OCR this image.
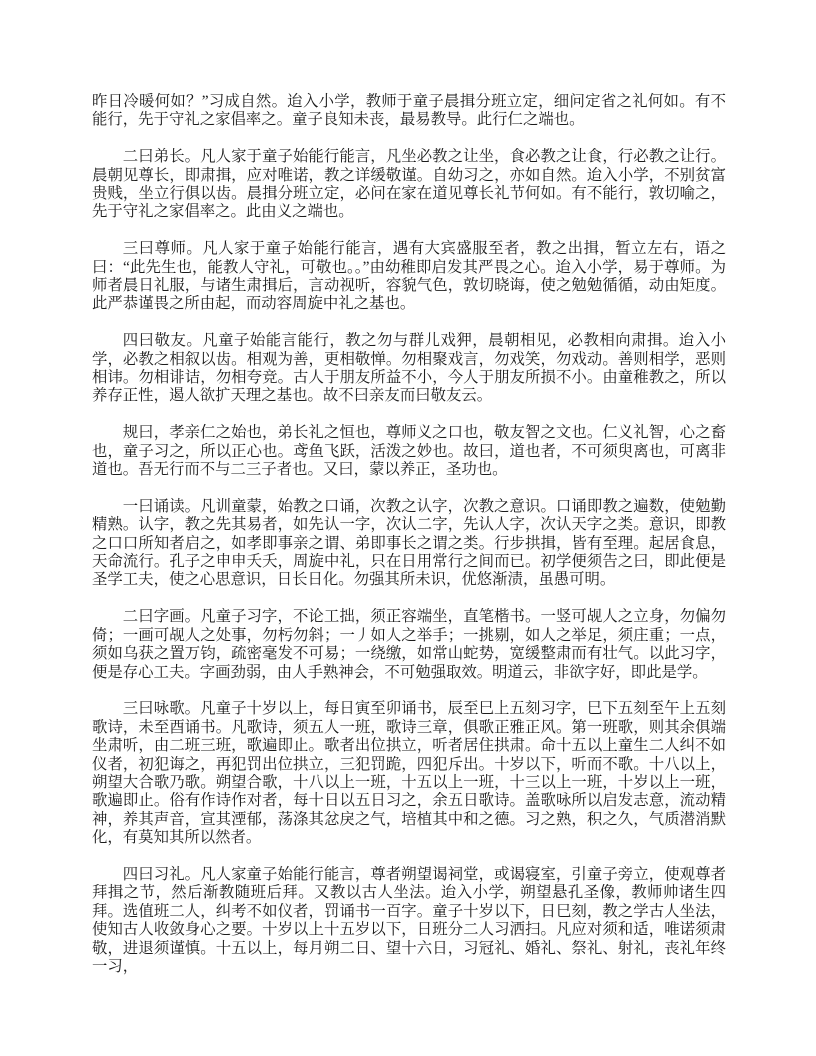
昨日冷暖何如？”习成自然。迨入小学，教师于童子晨揖分班立定，细问定省之礼何如。有不能行，先于守礼之家倡率之。童子良知未丧，最易教导。此行仁之端也。

二曰弟长。凡人家于童子始能行能言，凡坐必教之让坐，食必教之让食，行必教之让行。晨朝见尊长，即肃揖，应对唯诺，教之详缓敬谨。自幼习之，亦如自然。迨入小学，不别贫富贵贱，坐立行俱以齿。晨揖分班立定，必问在家在道见尊长礼节何如。有不能行，敦切喻之，先于守礼之家倡率之。此由义之端也。

三曰尊师。凡人家于童子始能行能言，遇有大宾盛服至者，教之出揖，暂立左右，语之曰：“此先生也，能教人守礼，可敬也。。”由幼稚即启发其严畏之心。迨入小学，易于尊师。为师者晨日礼服，与诸生肃揖后，言动视听，容貌气色，敦切晓诲，使之勉勉循循，动由矩度。此严恭谨畏之所由起，而动容周旋中礼之基也。

四曰敬友。凡童子始能言能行，教之勿与群儿戏狎，晨朝相见，必教相向肃揖。迨入小学，必教之相叙以齿。相观为善，更相敬惮。勿相聚戏言，勿戏笑，勿戏动。善则相学，恶则相讳。勿相诽诘，勿相夸竞。古人于朋友所益不小，今人于朋友所损不小。由童稚教之，所以养存正性，遏人欲扩天理之基也。故不曰亲友而曰敬友云。

规曰，孝亲仁之始也，弟长礼之恒也，尊师义之口也，敬友智之文也。仁义礼智，心之畜也，童子习之，所以正心也。鸢鱼飞跃，活泼之妙也。故曰，道也者，不可须臾离也，可离非道也。吾无行而不与二三子者也。又曰，蒙以养正，圣功也。

一曰诵读。凡训童蒙，始教之口诵，次教之认字，次教之意识。口诵即教之遍数，使勉勤精熟。认字，教之先其易者，如先认一字，次认二字，先认人字，次认天字之类。意识，即教之口口所知者启之，如孝即事亲之谓、弟即事长之谓之类。行步拱揖，皆有至理。起居食息，天命流行。孔子之申申夭夭，周旋中礼，只在日用常行之间而已。初学便须告之曰，即此便是圣学工夫，使之心思意识，日长日化。勿强其所未识，优悠渐渍，虽愚可明。

二曰字画。凡童子习字，不论工拙，须正容端坐，直笔楷书。一竖可觇人之立身，勿偏勿倚；一画可觇人之处事，勿杇勿斜；一丿如人之举手；一挑剔，如人之举足，须庄重；一点，须如乌获之置万钧，疏密毫发不可易；一绕缴，如常山蛇势，宽缓整肃而有壮气。以此习字，便是存心工夫。字画劲弱，由人手熟神会，不可勉强取效。明道云，非欲字好，即此是学。

三曰咏歌。凡童子十岁以上，每日寅至卯诵书，辰至巳上五刻习字，巳下五刻至午上五刻歌诗，未至酉诵书。凡歌诗，须五人一班，歌诗三章，俱歌正雅正风。第一班歌，则其余俱端坐肃听，由二班三班，歌遍即止。歌者出位拱立，听者居住拱肃。命十五以上童生二人纠不如仪者，初犯诲之，再犯罚出位拱立，三犯罚跪，四犯斥出。十岁以下，听而不歌。十八以上，朔望大合歌乃歌。朔望合歌，十八以上一班，十五以上一班，十三以上一班，十岁以上一班，歌遍即止。俗有作诗作对者，每十日以五日习之，余五日歌诗。盖歌咏所以启发志意，流动精神，养其声音，宣其湮郁，荡涤其忿戾之气，培植其中和之德。习之熟，积之久，气质潜消默化，有莫知其所以然者。

四曰习礼。凡人家童子始能行能言，尊者朔望谒祠堂，或谒寝室，引童子旁立，使观尊者拜揖之节，然后渐教随班后拜。又教以古人坐法。迨入小学，朔望悬孔圣像，教师帅诸生四拜。选值班二人，纠考不如仪者，罚诵书一百字。童子十岁以下，日巳刻，教之学古人坐法，使知古人收敛身心之要。十岁以上十五岁以下，日班分二人习洒扫。凡应对须和适，唯诺须肃敬，进退须谨慎。十五以上，每月朔二日、望十六日，习冠礼、婚礼、祭礼、射礼，丧礼年终一习，
